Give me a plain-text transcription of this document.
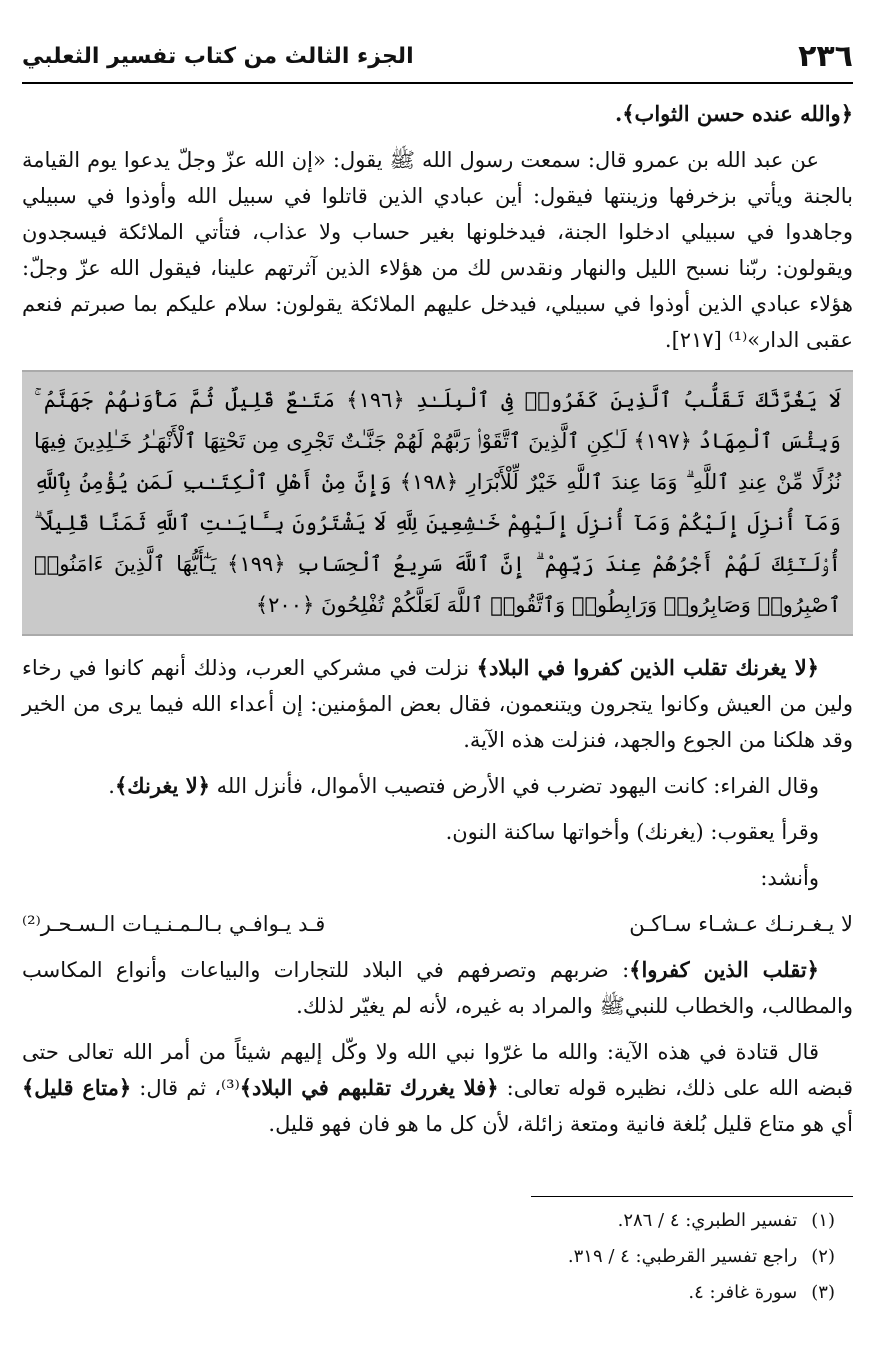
٢٣٦
الجزء الثالث من كتاب تفسير الثعلبي

﴿والله عنده حسن الثواب﴾.

عن عبد الله بن عمرو قال: سمعت رسول الله ﷺ يقول: «إن الله عزّ وجلّ يدعوا يوم القيامة بالجنة ويأتي بزخرفها وزينتها فيقول: أين عبادي الذين قاتلوا في سبيل الله وأوذوا في سبيلي وجاهدوا في سبيلي ادخلوا الجنة، فيدخلونها بغير حساب ولا عذاب، فتأتي الملائكة فيسجدون ويقولون: ربّنا نسبح الليل والنهار ونقدس لك من هؤلاء الذين آثرتهم علينا، فيقول الله عزّ وجلّ: هؤلاء عبادي الذين أوذوا في سبيلي، فيدخل عليهم الملائكة يقولون: سلام عليكم بما صبرتم فنعم عقبى الدار»⁽¹⁾ [٢١٧].

لَا يَغُرَّنَّكَ تَقَلُّبُ ٱلَّذِينَ كَفَرُوا۟ فِى ٱلْبِلَـٰدِ ﴿١٩٦﴾ مَتَـٰعٌ قَلِيلٌ ثُمَّ مَأْوَىٰهُمْ جَهَنَّمُ ۚ وَبِئْسَ ٱلْمِهَادُ ﴿١٩٧﴾ لَـٰكِنِ ٱلَّذِينَ ٱتَّقَوْا۟ رَبَّهُمْ لَهُمْ جَنَّـٰتٌ تَجْرِى مِن تَحْتِهَا ٱلْأَنْهَـٰرُ خَـٰلِدِينَ فِيهَا نُزُلًا مِّنْ عِندِ ٱللَّهِ ۗ وَمَا عِندَ ٱللَّهِ خَيْرٌ لِّلْأَبْرَارِ ﴿١٩٨﴾ وَإِنَّ مِنْ أَهْلِ ٱلْكِتَـٰبِ لَمَن يُؤْمِنُ بِٱللَّهِ وَمَآ أُنزِلَ إِلَيْكُمْ وَمَآ أُنزِلَ إِلَيْهِمْ خَـٰشِعِينَ لِلَّهِ لَا يَشْتَرُونَ بِـَٔايَـٰتِ ٱللَّهِ ثَمَنًا قَلِيلًا ۗ أُو۟لَـٰٓئِكَ لَهُمْ أَجْرُهُمْ عِندَ رَبِّهِمْ ۗ إِنَّ ٱللَّهَ سَرِيعُ ٱلْحِسَابِ ﴿١٩٩﴾ يَـٰٓأَيُّهَا ٱلَّذِينَ ءَامَنُوا۟ ٱصْبِرُوا۟ وَصَابِرُوا۟ وَرَابِطُوا۟ وَٱتَّقُوا۟ ٱللَّهَ لَعَلَّكُمْ تُفْلِحُونَ ﴿٢٠٠﴾

﴿لا يغرنك تقلب الذين كفروا في البلاد﴾ نزلت في مشركي العرب، وذلك أنهم كانوا في رخاء ولين من العيش وكانوا يتجرون ويتنعمون، فقال بعض المؤمنين: إن أعداء الله فيما يرى من الخير وقد هلكنا من الجوع والجهد، فنزلت هذه الآية.

وقال الفراء: كانت اليهود تضرب في الأرض فتصيب الأموال، فأنزل الله ﴿لا يغرنك﴾.

وقرأ يعقوب: (يغرنك) وأخواتها ساكنة النون.

وأنشد:

لا يـغـرنـك عـشـاء سـاكـن
قـد يـوافـي بـالـمـنـيـات الـسـحـر⁽²⁾

﴿تقلب الذين كفروا﴾: ضربهم وتصرفهم في البلاد للتجارات والبياعات وأنواع المكاسب والمطالب، والخطاب للنبيﷺ والمراد به غيره، لأنه لم يغيّر لذلك.

قال قتادة في هذه الآية: والله ما غرّوا نبي الله ولا وكّل إليهم شيئاً من أمر الله تعالى حتى قبضه الله على ذلك، نظيره قوله تعالى: ﴿فلا يغررك تقلبهم في البلاد﴾⁽³⁾، ثم قال: ﴿متاع قليل﴾ أي هو متاع قليل بُلغة فانية ومتعة زائلة، لأن كل ما هو فان فهو قليل.

(١)
تفسير الطبري: ٤ / ٢٨٦.
(٢)
راجع تفسير القرطبي: ٤ / ٣١٩.
(٣)
سورة غافر: ٤.
